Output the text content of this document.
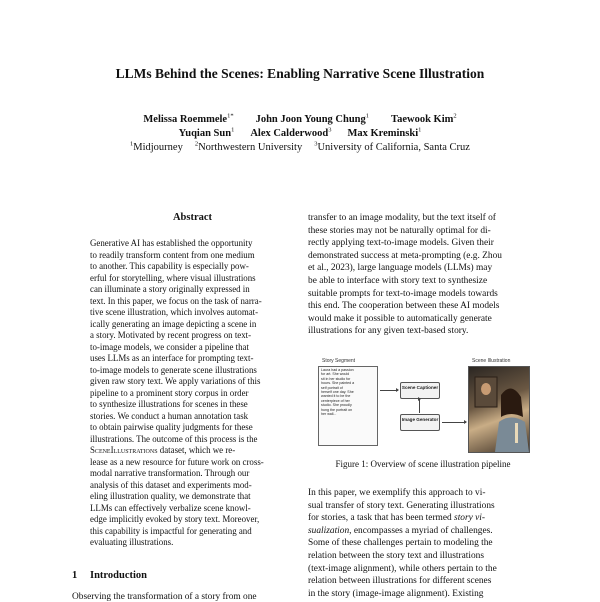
LLMs Behind the Scenes: Enabling Narrative Scene Illustration
Melissa Roemmele$^{1*}$ John Joon Young Chung$^1$ Taewook Kim$^2$
Yuqian Sun$^1$ Alex Calderwood$^3$ Max Kreminski$^1$
$^1$Midjourney $^2$Northwestern University $^3$University of California, Santa Cruz
Abstract
Generative AI has established the opportunity
to readily transform content from one medium
to another. This capability is especially pow-
erful for storytelling, where visual illustrations
can illuminate a story originally expressed in
text. In this paper, we focus on the task of narra-
tive scene illustration, which involves automat-
ically generating an image depicting a scene in
a story. Motivated by recent progress on text-
to-image models, we consider a pipeline that
uses LLMs as an interface for prompting text-
to-image models to generate scene illustrations
given raw story text. We apply variations of this
pipeline to a prominent story corpus in order
to synthesize illustrations for scenes in these
stories. We conduct a human annotation task
to obtain pairwise quality judgments for these
illustrations. The outcome of this process is the
SceneIllustrations dataset, which we re-
lease as a new resource for future work on cross-
modal narrative transformation. Through our
analysis of this dataset and experiments mod-
eling illustration quality, we demonstrate that
LLMs can effectively verbalize scene knowl-
edge implicitly evoked by story text. Moreover,
this capability is impactful for generating and
evaluating illustrations.
1 Introduction
Observing the transformation of a story from one
transfer to an image modality, but the text itself of
these stories may not be naturally optimal for di-
rectly applying text-to-image models. Given their
demonstrated success at meta-prompting (e.g. Zhou
et al., 2023), large language models (LLMs) may
be able to interface with story text to synthesize
suitable prompts for text-to-image models towards
this end. The cooperation between these AI models
would make it possible to automatically generate
illustrations for any given text-based story.
Story Segment
Laura had a passion
for art. She would
sit in her studio for
hours. She painted a
self portrait of
herself one day. She
wanted it to be the
centerpiece of her
studio. She proudly
hung the portrait on
her wall...
Scene Captioner
Image Generator
Scene Illustration
Figure 1: Overview of scene illustration pipeline
In this paper, we exemplify this approach to vi-
sual transfer of story text. Generating illustrations
for stories, a task that has been termed story vi-
sualization, encompasses a myriad of challenges.
Some of these challenges pertain to modeling the
relation between the story text and illustrations
(text-image alignment), while others pertain to the
relation between illustrations for different scenes
in the story (image-image alignment). Existing
